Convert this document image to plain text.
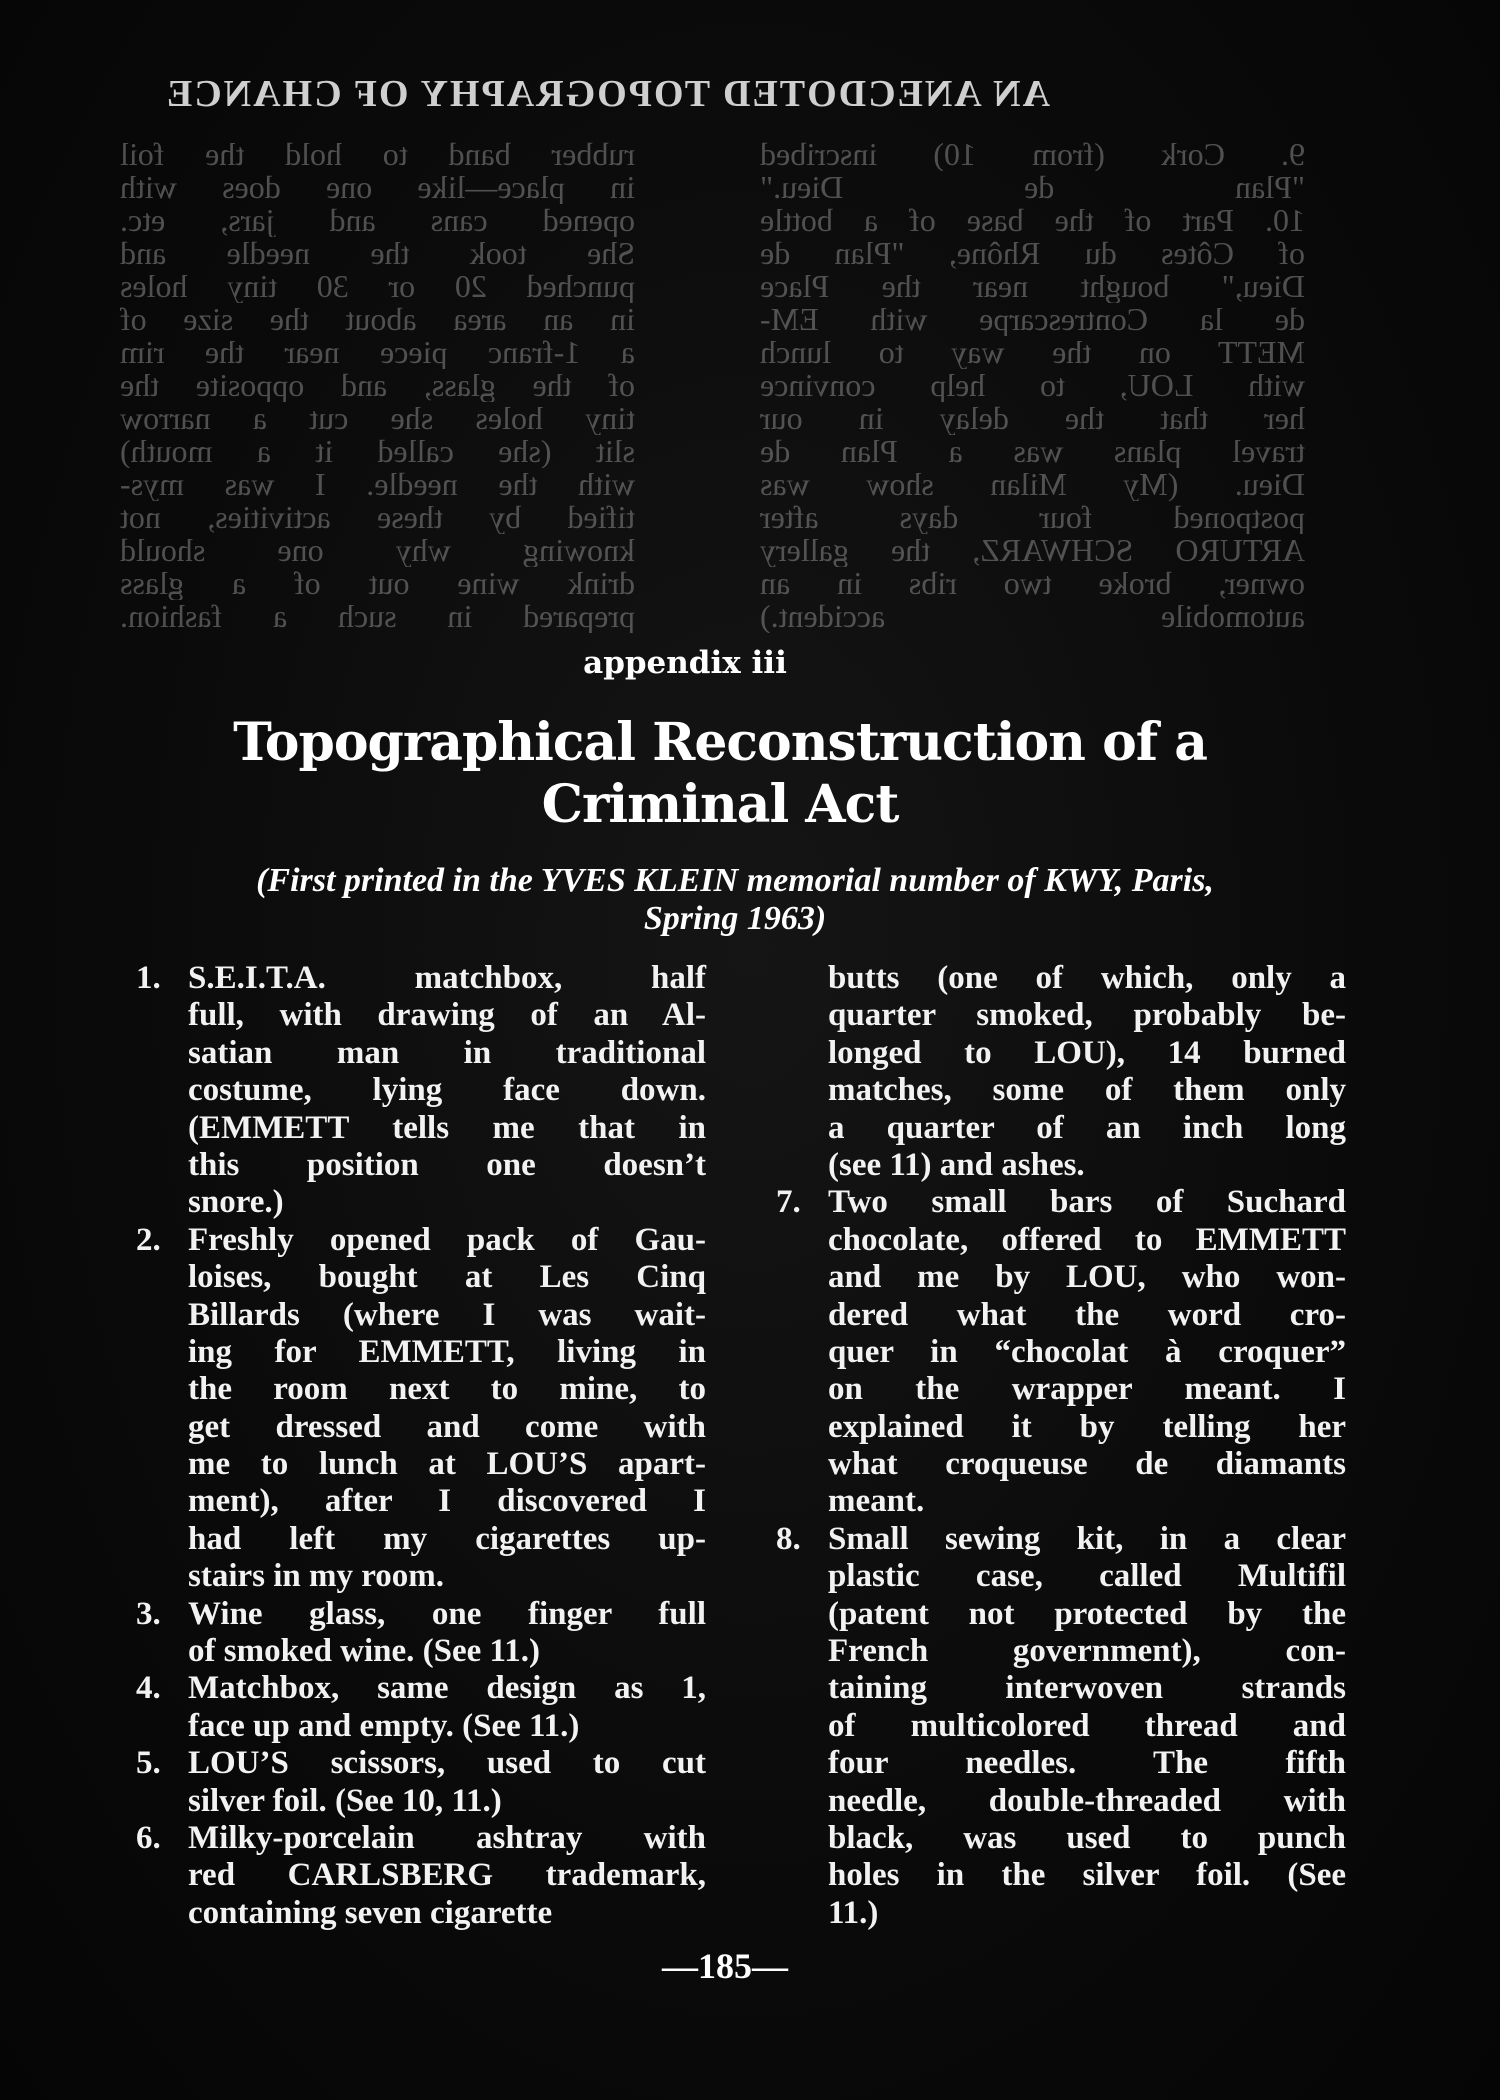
AN ANECDOTED TOPOGRAPHY OF CHANCE
rubber band to hold the foil
in place—like one does with
opened cans and jars, etc.
She took the needle and
punched 20 or 30 tiny holes
in an area about the size of
a 1-franc piece near the rim
of the glass, and opposite the
tiny holes she cut a narrow
slit (she called it a mouth)
with the needle. I was mys-
tified by these activities, not
knowing why one should
drink wine out of a glass
prepared in such a fashion.
9. Cork (from 10) inscribed
"Plan de Dieu."
10. Part of the base of a bottle
of Côtes du Rhône, "Plan de
Dieu," bought near the Place
de la Contrescarpe with EM-
METT on the way to lunch
with LOU, to help convince
her that the delay in our
travel plans was a Plan de
Dieu. (My Milan show was
postponed four days after
ARTURO SCHWARZ, the gallery
owner, broke two ribs in an
automobile accident.)
appendix iii
Topographical Reconstruction of a
Criminal Act
(First printed in the YVES KLEIN memorial number of KWY, Paris,
Spring 1963)
1. S.E.I.T.A. matchbox, half
full, with drawing of an Al-
satian man in traditional
costume, lying face down.
(EMMETT tells me that in
this position one doesn’t
snore.)
2. Freshly opened pack of Gau-
loises, bought at Les Cinq
Billards (where I was wait-
ing for EMMETT, living in
the room next to mine, to
get dressed and come with
me to lunch at LOU’S apart-
ment), after I discovered I
had left my cigarettes up-
stairs in my room.
3. Wine glass, one finger full
of smoked wine. (See 11.)
4. Matchbox, same design as 1,
face up and empty. (See 11.)
5. LOU’S scissors, used to cut
silver foil. (See 10, 11.)
6. Milky-porcelain ashtray with
red CARLSBERG trademark,
containing seven cigarette
butts (one of which, only a
quarter smoked, probably be-
longed to LOU), 14 burned
matches, some of them only
a quarter of an inch long
(see 11) and ashes.
7. Two small bars of Suchard
chocolate, offered to EMMETT
and me by LOU, who won-
dered what the word cro-
quer in “chocolat à croquer”
on the wrapper meant. I
explained it by telling her
what croqueuse de diamants
meant.
8. Small sewing kit, in a clear
plastic case, called Multifil
(patent not protected by the
French government), con-
taining interwoven strands
of multicolored thread and
four needles. The fifth
needle, double-threaded with
black, was used to punch
holes in the silver foil. (See
11.)
—185—
